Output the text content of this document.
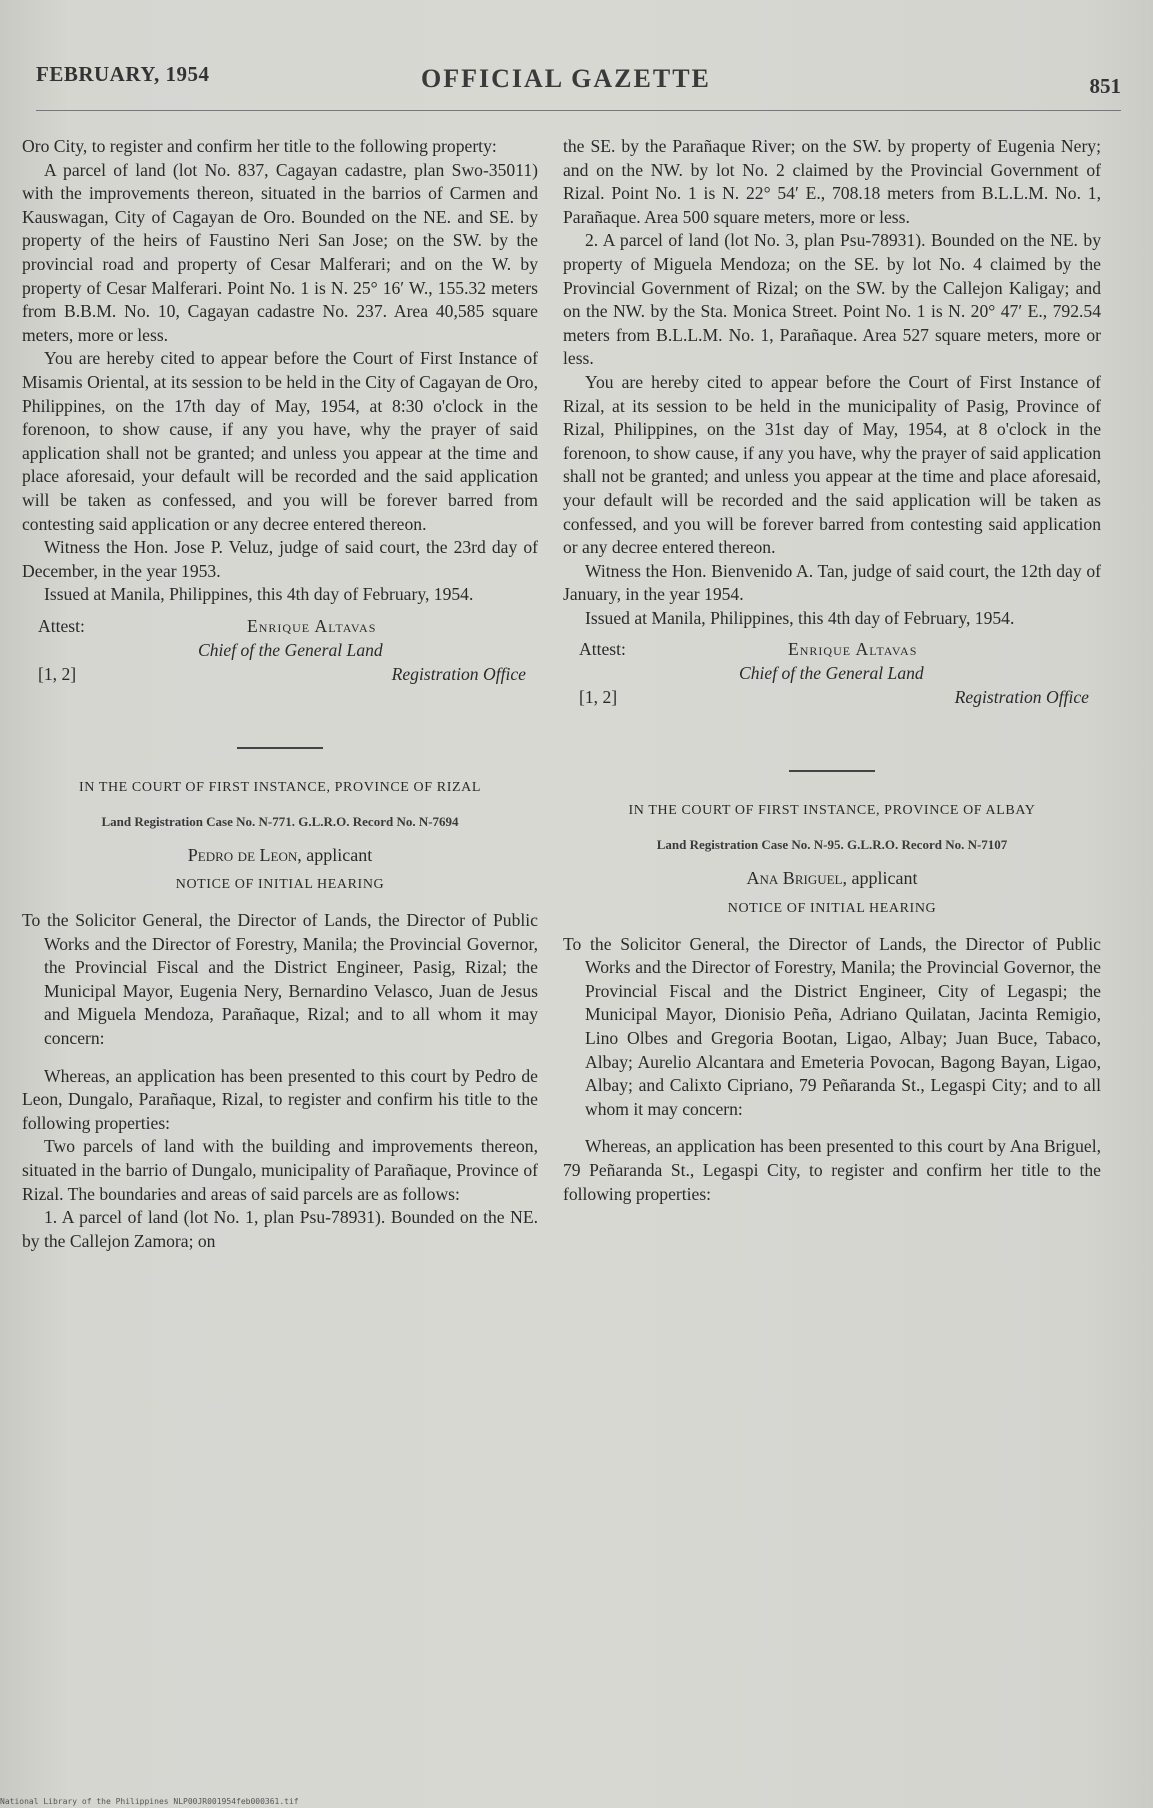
FEBRUARY, 1954	OFFICIAL GAZETTE	851

Oro City, to register and confirm her title to the following property:

A parcel of land (lot No. 837, Cagayan cadastre, plan Swo-35011) with the improvements thereon, situated in the barrios of Carmen and Kauswagan, City of Cagayan de Oro. Bounded on the NE. and SE. by property of the heirs of Faustino Neri San Jose; on the SW. by the provincial road and property of Cesar Malferari; and on the W. by property of Cesar Malferari. Point No. 1 is N. 25° 16′ W., 155.32 meters from B.B.M. No. 10, Cagayan cadastre No. 237. Area 40,585 square meters, more or less.

You are hereby cited to appear before the Court of First Instance of Misamis Oriental, at its session to be held in the City of Cagayan de Oro, Philippines, on the 17th day of May, 1954, at 8:30 o'clock in the forenoon, to show cause, if any you have, why the prayer of said application shall not be granted; and unless you appear at the time and place aforesaid, your default will be recorded and the said application will be taken as confessed, and you will be forever barred from contesting said application or any decree entered thereon.

Witness the Hon. Jose P. Veluz, judge of said court, the 23rd day of December, in the year 1953.

Issued at Manila, Philippines, this 4th day of February, 1954.

Attest:	Enrique Altavas
Chief of the General Land
[1, 2]	Registration Office
IN THE COURT OF FIRST INSTANCE, PROVINCE OF RIZAL
Land Registration Case No. N-771. G.L.R.O. Record No. N-7694
Pedro de Leon, applicant
NOTICE OF INITIAL HEARING

To the Solicitor General, the Director of Lands, the Director of Public Works and the Director of Forestry, Manila; the Provincial Governor, the Provincial Fiscal and the District Engineer, Pasig, Rizal; the Municipal Mayor, Eugenia Nery, Bernardino Velasco, Juan de Jesus and Miguela Mendoza, Parañaque, Rizal; and to all whom it may concern:

Whereas, an application has been presented to this court by Pedro de Leon, Dungalo, Parañaque, Rizal, to register and confirm his title to the following properties:

Two parcels of land with the building and improvements thereon, situated in the barrio of Dungalo, municipality of Parañaque, Province of Rizal. The boundaries and areas of said parcels are as follows:

1. A parcel of land (lot No. 1, plan Psu-78931). Bounded on the NE. by the Callejon Zamora; on

the SE. by the Parañaque River; on the SW. by property of Eugenia Nery; and on the NW. by lot No. 2 claimed by the Provincial Government of Rizal. Point No. 1 is N. 22° 54′ E., 708.18 meters from B.L.L.M. No. 1, Parañaque. Area 500 square meters, more or less.

2. A parcel of land (lot No. 3, plan Psu-78931). Bounded on the NE. by property of Miguela Mendoza; on the SE. by lot No. 4 claimed by the Provincial Government of Rizal; on the SW. by the Callejon Kaligay; and on the NW. by the Sta. Monica Street. Point No. 1 is N. 20° 47′ E., 792.54 meters from B.L.L.M. No. 1, Parañaque. Area 527 square meters, more or less.

You are hereby cited to appear before the Court of First Instance of Rizal, at its session to be held in the municipality of Pasig, Province of Rizal, Philippines, on the 31st day of May, 1954, at 8 o'clock in the forenoon, to show cause, if any you have, why the prayer of said application shall not be granted; and unless you appear at the time and place aforesaid, your default will be recorded and the said application will be taken as confessed, and you will be forever barred from contesting said application or any decree entered thereon.

Witness the Hon. Bienvenido A. Tan, judge of said court, the 12th day of January, in the year 1954.

Issued at Manila, Philippines, this 4th day of February, 1954.

Attest:	Enrique Altavas
Chief of the General Land
[1, 2]	Registration Office
IN THE COURT OF FIRST INSTANCE, PROVINCE OF ALBAY
Land Registration Case No. N-95. G.L.R.O. Record No. N-7107
Ana Briguel, applicant
NOTICE OF INITIAL HEARING

To the Solicitor General, the Director of Lands, the Director of Public Works and the Director of Forestry, Manila; the Provincial Governor, the Provincial Fiscal and the District Engineer, City of Legaspi; the Municipal Mayor, Dionisio Peña, Adriano Quilatan, Jacinta Remigio, Lino Olbes and Gregoria Bootan, Ligao, Albay; Juan Buce, Tabaco, Albay; Aurelio Alcantara and Emeteria Povocan, Bagong Bayan, Ligao, Albay; and Calixto Cipriano, 79 Peñaranda St., Legaspi City; and to all whom it may concern:

Whereas, an application has been presented to this court by Ana Briguel, 79 Peñaranda St., Legaspi City, to register and confirm her title to the following properties:

National Library of the Philippines NLP00JR001954feb000361.tif
